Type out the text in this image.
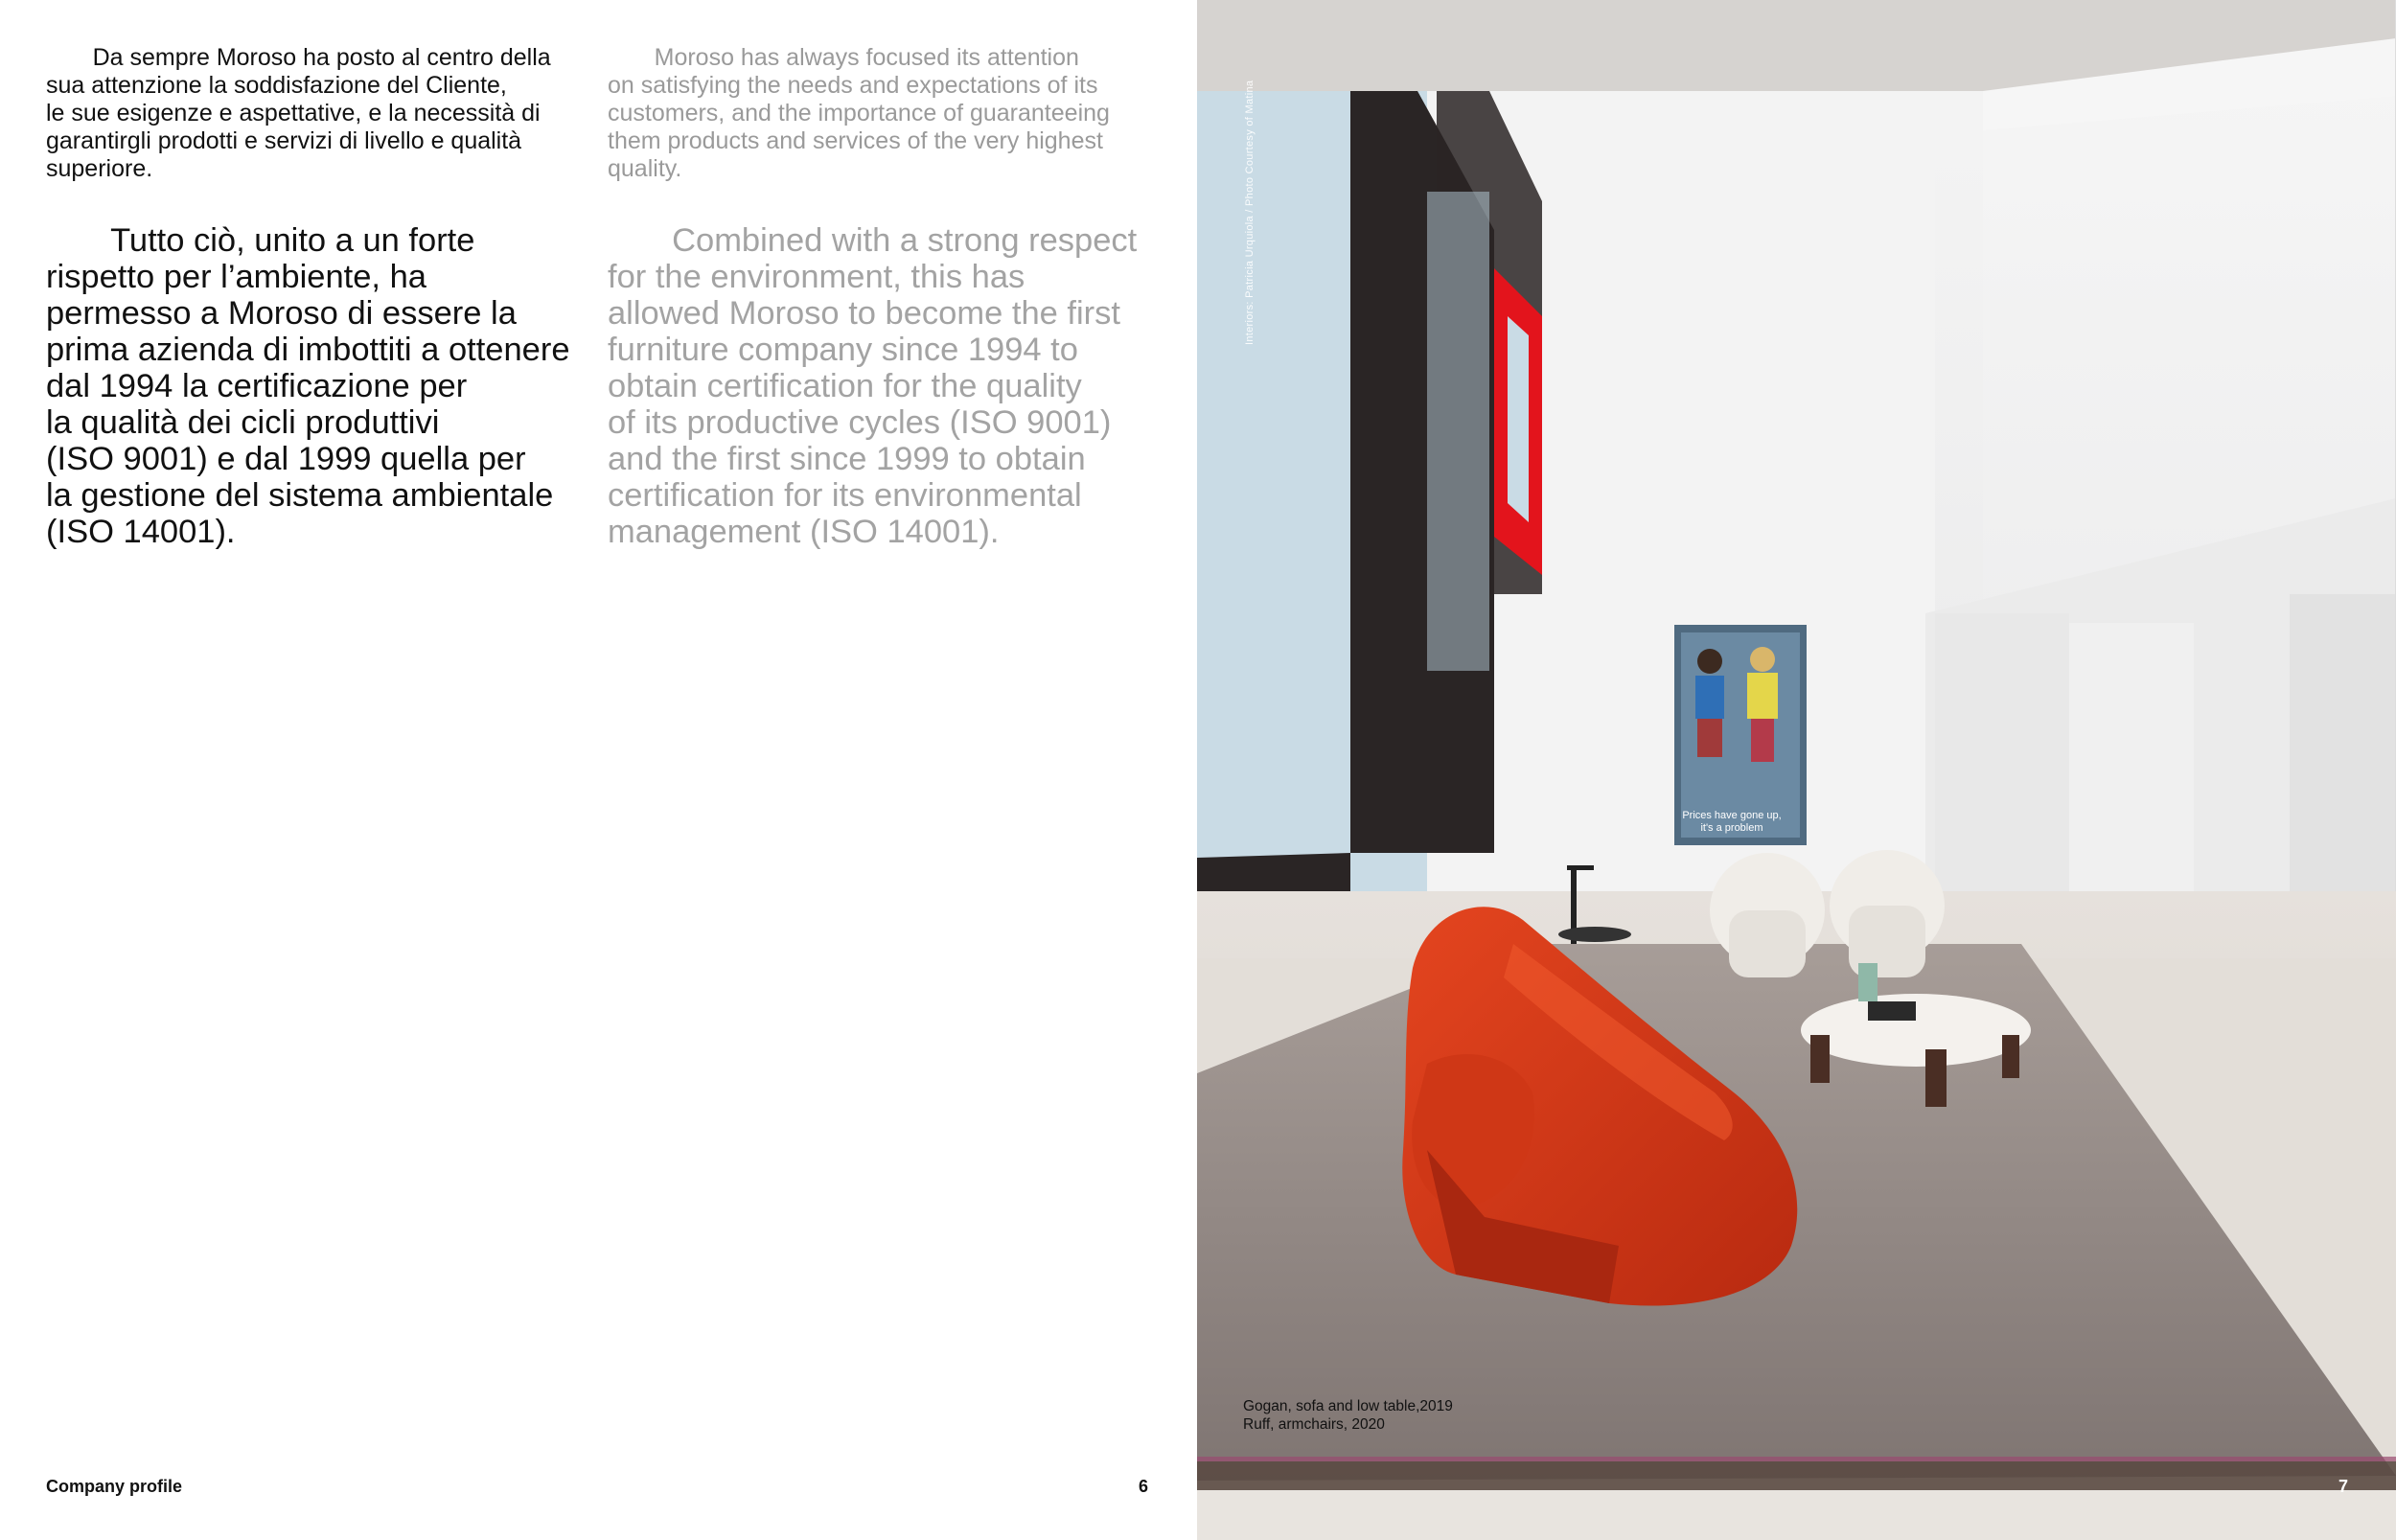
Da sempre Moroso ha posto al centro della
sua attenzione la soddisfazione del Cliente,
le sue esigenze e aspettative, e la necessità di
garantirgli prodotti e servizi di livello e qualità
superiore.
Moroso has always focused its attention
on satisfying the needs and expectations of its
customers, and the importance of guaranteeing
them products and services of the very highest
quality.
Tutto ciò, unito a un forte
rispetto per l’ambiente, ha
permesso a Moroso di essere la
prima azienda di imbottiti a ottenere
dal 1994 la certificazione per
la qualità dei cicli produttivi
(ISO 9001) e dal 1999 quella per
la gestione del sistema ambientale
(ISO 14001).
Combined with a strong respect
for the environment, this has
allowed Moroso to become the first
furniture company since 1994 to
obtain certification for the quality
of its productive cycles (ISO 9001)
and the first since 1999 to obtain
certification for its environmental
management (ISO 14001).
Company profile	6	7
Interiors: Patricia Urquiola / Photo Courtesy of Matina
Gogan, sofa and low table,2019
Ruff, armchairs, 2020
Prices have gone up, it's a problem
